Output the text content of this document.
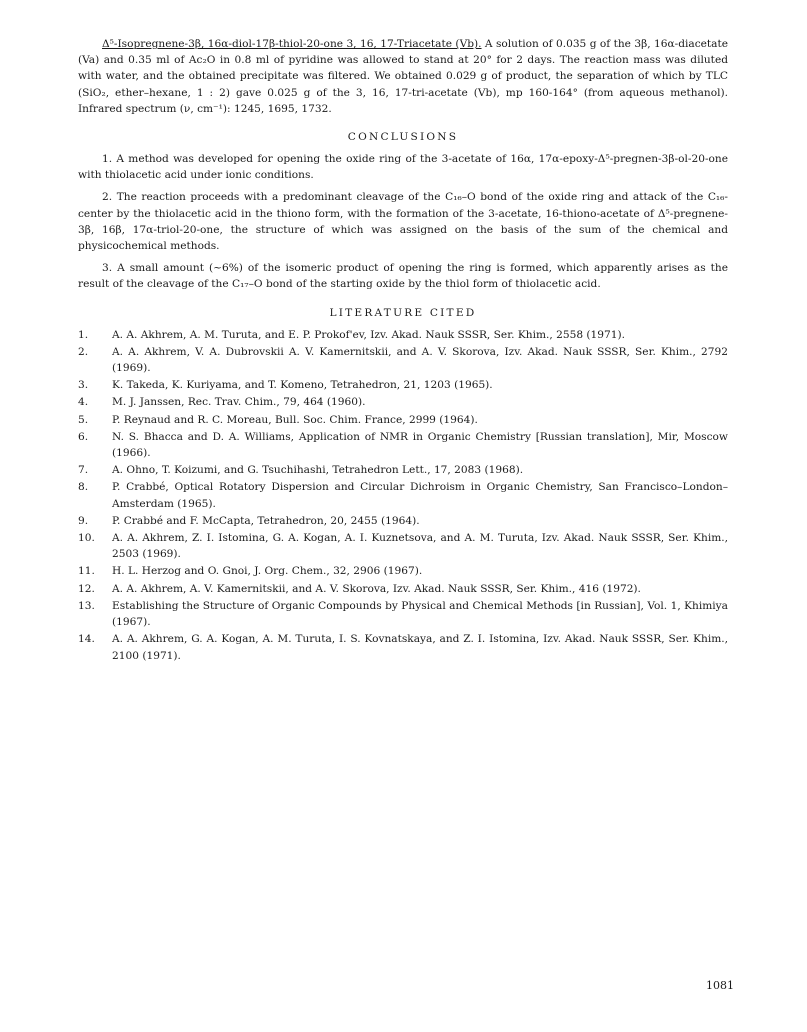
Δ⁵-Isopregnene-3β, 16α-diol-17β-thiol-20-one 3, 16, 17-Triacetate (Vb). A solution of 0.035 g of the 3β, 16α-diacetate (Va) and 0.35 ml of Ac₂O in 0.8 ml of pyridine was allowed to stand at 20° for 2 days. The reaction mass was diluted with water, and the obtained precipitate was filtered. We obtained 0.029 g of product, the separation of which by TLC (SiO₂, ether–hexane, 1 : 2) gave 0.025 g of the 3, 16, 17-tri-acetate (Vb), mp 160-164° (from aqueous methanol). Infrared spectrum (ν, cm⁻¹): 1245, 1695, 1732.

CONCLUSIONS

1. A method was developed for opening the oxide ring of the 3-acetate of 16α, 17α-epoxy-Δ⁵-pregnen-3β-ol-20-one with thiolacetic acid under ionic conditions.

2. The reaction proceeds with a predominant cleavage of the C₁₆–O bond of the oxide ring and attack of the C₁₆-center by the thiolacetic acid in the thiono form, with the formation of the 3-acetate, 16-thiono-acetate of Δ⁵-pregnene-3β, 16β, 17α-triol-20-one, the structure of which was assigned on the basis of the sum of the chemical and physicochemical methods.

3. A small amount (~6%) of the isomeric product of opening the ring is formed, which apparently arises as the result of the cleavage of the C₁₇–O bond of the starting oxide by the thiol form of thiolacetic acid.

LITERATURE CITED
1.	A. A. Akhrem, A. M. Turuta, and E. P. Prokof'ev, Izv. Akad. Nauk SSSR, Ser. Khim., 2558 (1971).
2.	A. A. Akhrem, V. A. Dubrovskii A. V. Kamernitskii, and A. V. Skorova, Izv. Akad. Nauk SSSR, Ser. Khim., 2792 (1969).
3.	K. Takeda, K. Kuriyama, and T. Komeno, Tetrahedron, 21, 1203 (1965).
4.	M. J. Janssen, Rec. Trav. Chim., 79, 464 (1960).
5.	P. Reynaud and R. C. Moreau, Bull. Soc. Chim. France, 2999 (1964).
6.	N. S. Bhacca and D. A. Williams, Application of NMR in Organic Chemistry [Russian translation], Mir, Moscow (1966).
7.	A. Ohno, T. Koizumi, and G. Tsuchihashi, Tetrahedron Lett., 17, 2083 (1968).
8.	P. Crabbé, Optical Rotatory Dispersion and Circular Dichroism in Organic Chemistry, San Francisco–London–Amsterdam (1965).
9.	P. Crabbé and F. McCapta, Tetrahedron, 20, 2455 (1964).
10.	A. A. Akhrem, Z. I. Istomina, G. A. Kogan, A. I. Kuznetsova, and A. M. Turuta, Izv. Akad. Nauk SSSR, Ser. Khim., 2503 (1969).
11.	H. L. Herzog and O. Gnoi, J. Org. Chem., 32, 2906 (1967).
12.	A. A. Akhrem, A. V. Kamernitskii, and A. V. Skorova, Izv. Akad. Nauk SSSR, Ser. Khim., 416 (1972).
13.	Establishing the Structure of Organic Compounds by Physical and Chemical Methods [in Russian], Vol. 1, Khimiya (1967).
14.	A. A. Akhrem, G. A. Kogan, A. M. Turuta, I. S. Kovnatskaya, and Z. I. Istomina, Izv. Akad. Nauk SSSR, Ser. Khim., 2100 (1971).
1081
